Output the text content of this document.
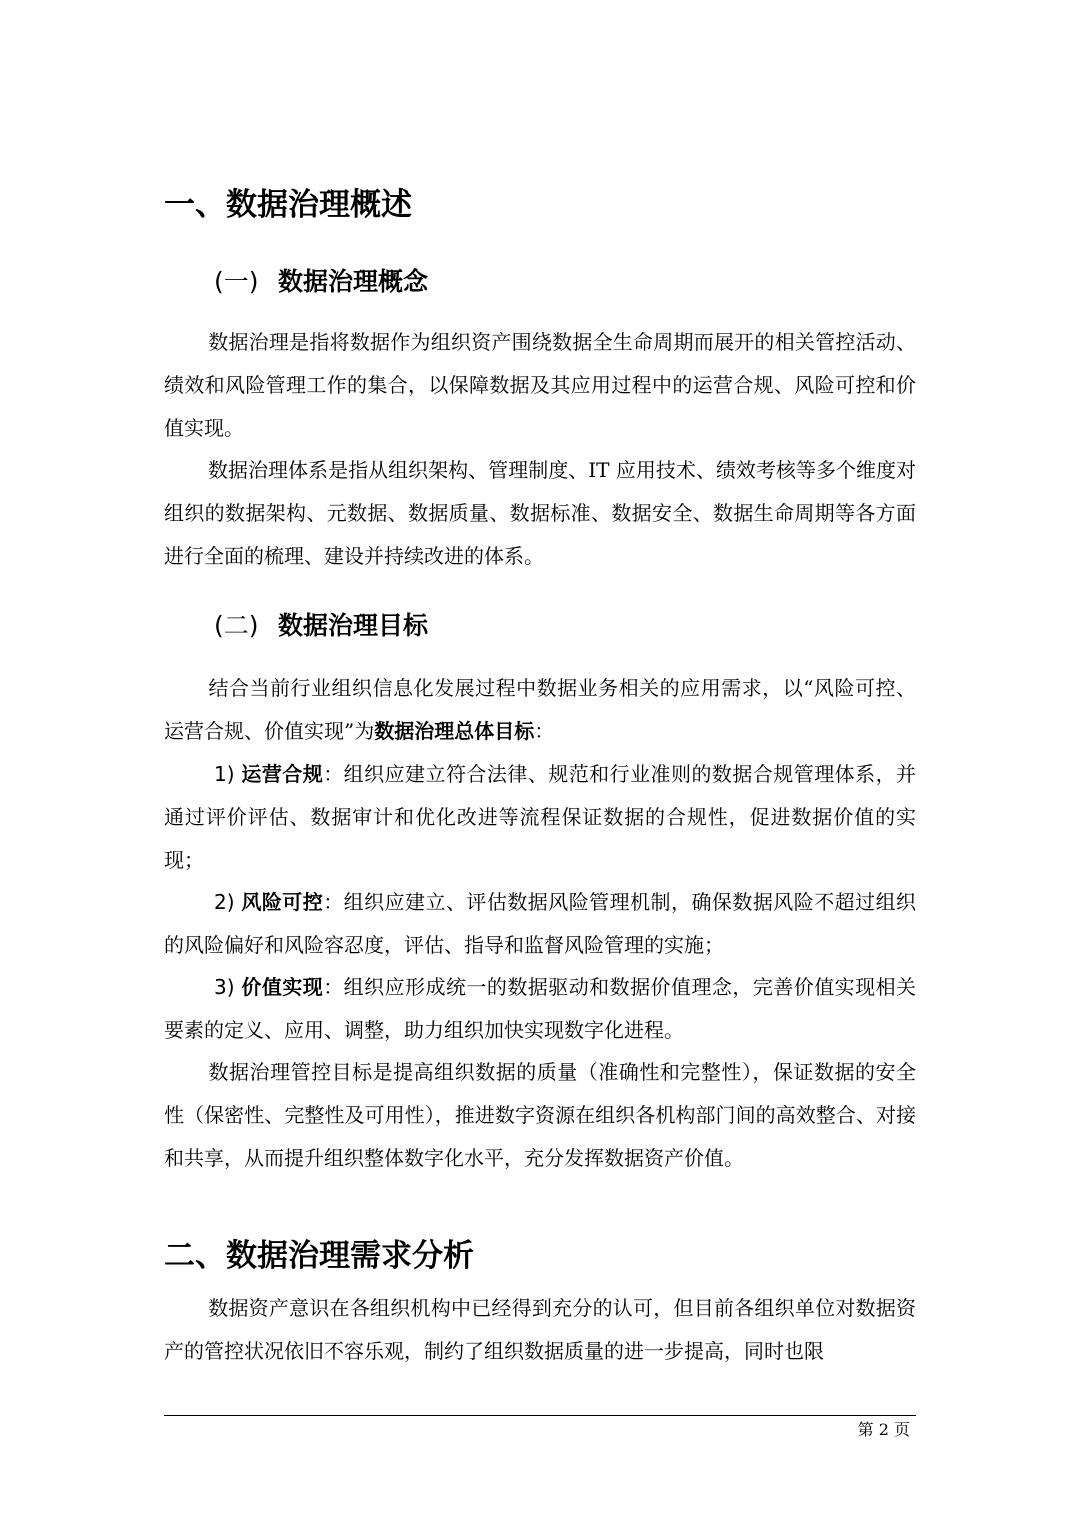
一、数据治理概述
(一) 数据治理概念

数据治理是指将数据作为组织资产围绕数据全生命周期而展开的相关管控活动、绩效和风险管理工作的集合，以保障数据及其应用过程中的运营合规、风险可控和价值实现。

数据治理体系是指从组织架构、管理制度、IT 应用技术、绩效考核等多个维度对组织的数据架构、元数据、数据质量、数据标准、数据安全、数据生命周期等各方面进行全面的梳理、建设并持续改进的体系。

(二) 数据治理目标

结合当前行业组织信息化发展过程中数据业务相关的应用需求，以“风险可控、运营合规、价值实现”为数据治理总体目标：

1) 运营合规：组织应建立符合法律、规范和行业准则的数据合规管理体系，并通过评价评估、数据审计和优化改进等流程保证数据的合规性，促进数据价值的实现；

2) 风险可控：组织应建立、评估数据风险管理机制，确保数据风险不超过组织的风险偏好和风险容忍度，评估、指导和监督风险管理的实施；

3) 价值实现：组织应形成统一的数据驱动和数据价值理念，完善价值实现相关要素的定义、应用、调整，助力组织加快实现数字化进程。

数据治理管控目标是提高组织数据的质量（准确性和完整性），保证数据的安全性（保密性、完整性及可用性），推进数字资源在组织各机构部门间的高效整合、对接和共享，从而提升组织整体数字化水平，充分发挥数据资产价值。

二、数据治理需求分析

数据资产意识在各组织机构中已经得到充分的认可，但目前各组织单位对数据资产的管控状况依旧不容乐观，制约了组织数据质量的进一步提高，同时也限

第 2 页
